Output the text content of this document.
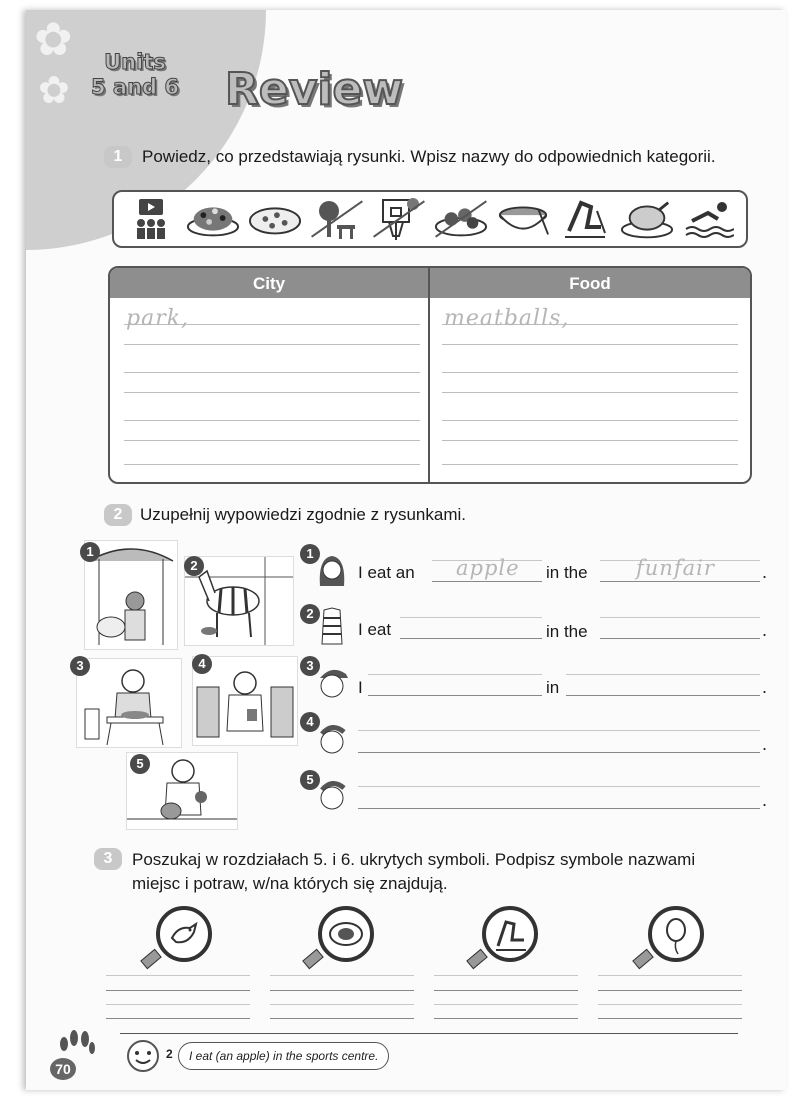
✿
✿
Units
5 and 6 Review
1	Powiedz, co przedstawiają rysunki. Wpisz nazwy do odpowiednich kategorii.
City	Food
park,	meatballs,
2	Uzupełnij wypowiedzi zgodnie z rysunkami.
1
2
3	4
5
1
I eat an apple in the funfair	.
2
I eat	in the	.
3
I	in	.
4
.
5
.
3	Poszukaj w rozdziałach 5. i 6. ukrytych symboli. Podpisz symbole nazwami
miejsc i potraw, w/na których się znajdują.
70
2	I eat (an apple) in the sports centre.
